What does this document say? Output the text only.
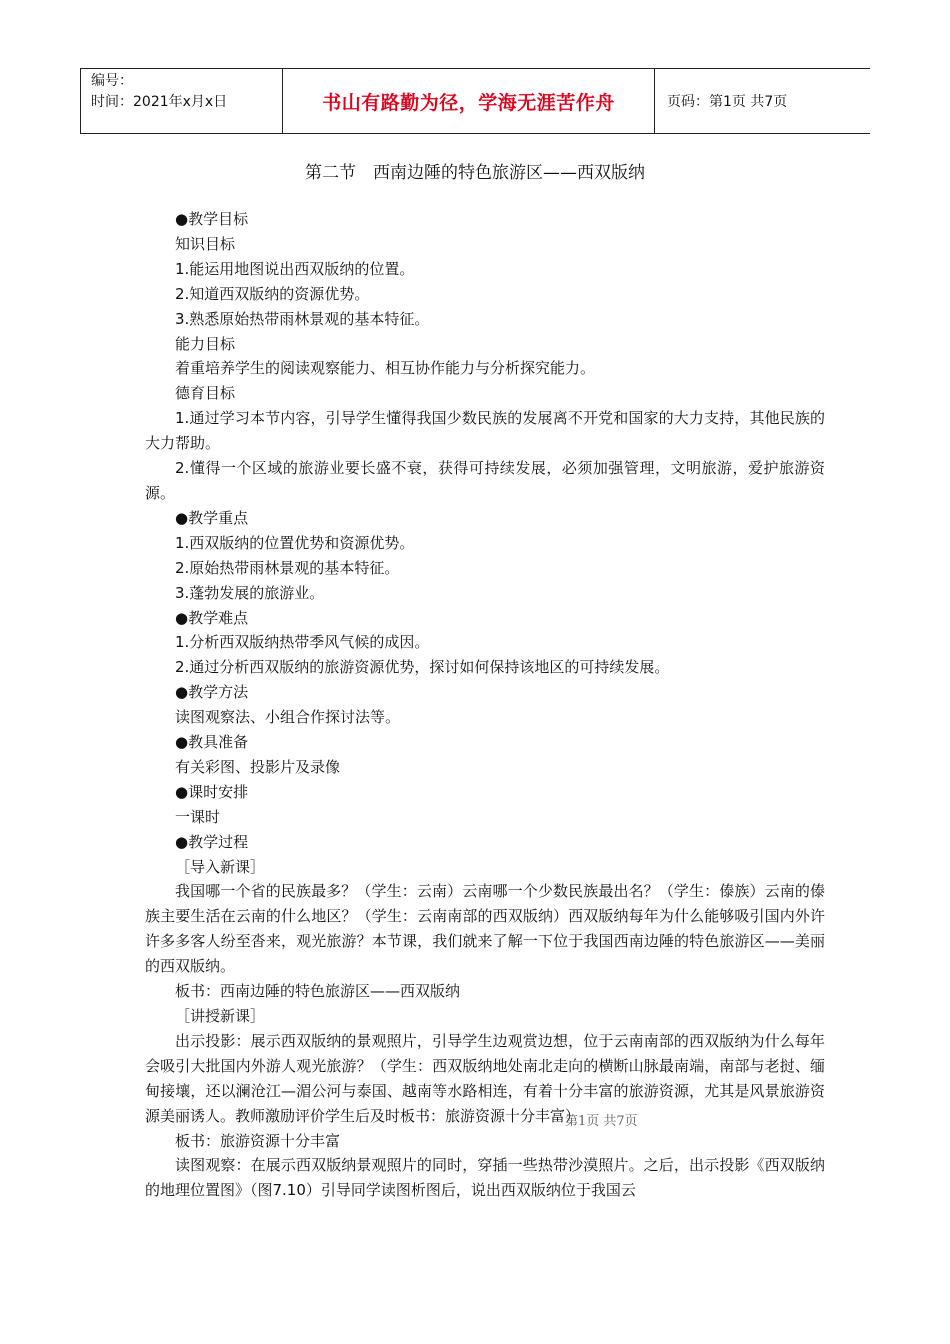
编号：
时间：2021年x月x日	书山有路勤为径，学海无涯苦作舟	页码：第1页 共7页
第二节　西南边陲的特色旅游区——西双版纳

●教学目标

知识目标

1.能运用地图说出西双版纳的位置。

2.知道西双版纳的资源优势。

3.熟悉原始热带雨林景观的基本特征。

能力目标

着重培养学生的阅读观察能力、相互协作能力与分析探究能力。

德育目标

1.通过学习本节内容，引导学生懂得我国少数民族的发展离不开党和国家的大力支持，其他民族的大力帮助。

2.懂得一个区域的旅游业要长盛不衰，获得可持续发展，必须加强管理，文明旅游，爱护旅游资源。

●教学重点

1.西双版纳的位置优势和资源优势。

2.原始热带雨林景观的基本特征。

3.蓬勃发展的旅游业。

●教学难点

1.分析西双版纳热带季风气候的成因。

2.通过分析西双版纳的旅游资源优势，探讨如何保持该地区的可持续发展。

●教学方法

读图观察法、小组合作探讨法等。

●教具准备

有关彩图、投影片及录像

●课时安排

一课时

●教学过程

［导入新课］

我国哪一个省的民族最多？（学生：云南）云南哪一个少数民族最出名？（学生：傣族）云南的傣族主要生活在云南的什么地区？（学生：云南南部的西双版纳）西双版纳每年为什么能够吸引国内外许许多多客人纷至沓来，观光旅游？本节课，我们就来了解一下位于我国西南边陲的特色旅游区——美丽的西双版纳。

板书：西南边陲的特色旅游区——西双版纳

［讲授新课］

出示投影：展示西双版纳的景观照片，引导学生边观赏边想，位于云南南部的西双版纳为什么每年会吸引大批国内外游人观光旅游？（学生：西双版纳地处南北走向的横断山脉最南端，南部与老挝、缅甸接壤，还以澜沧江—湄公河与泰国、越南等水路相连，有着十分丰富的旅游资源，尤其是风景旅游资源美丽诱人。教师激励评价学生后及时板书：旅游资源十分丰富）

板书：旅游资源十分丰富

读图观察：在展示西双版纳景观照片的同时，穿插一些热带沙漠照片。之后，出示投影《西双版纳的地理位置图》（图7.10）引导同学读图析图后，说出西双版纳位于我国云

第1页 共7页
